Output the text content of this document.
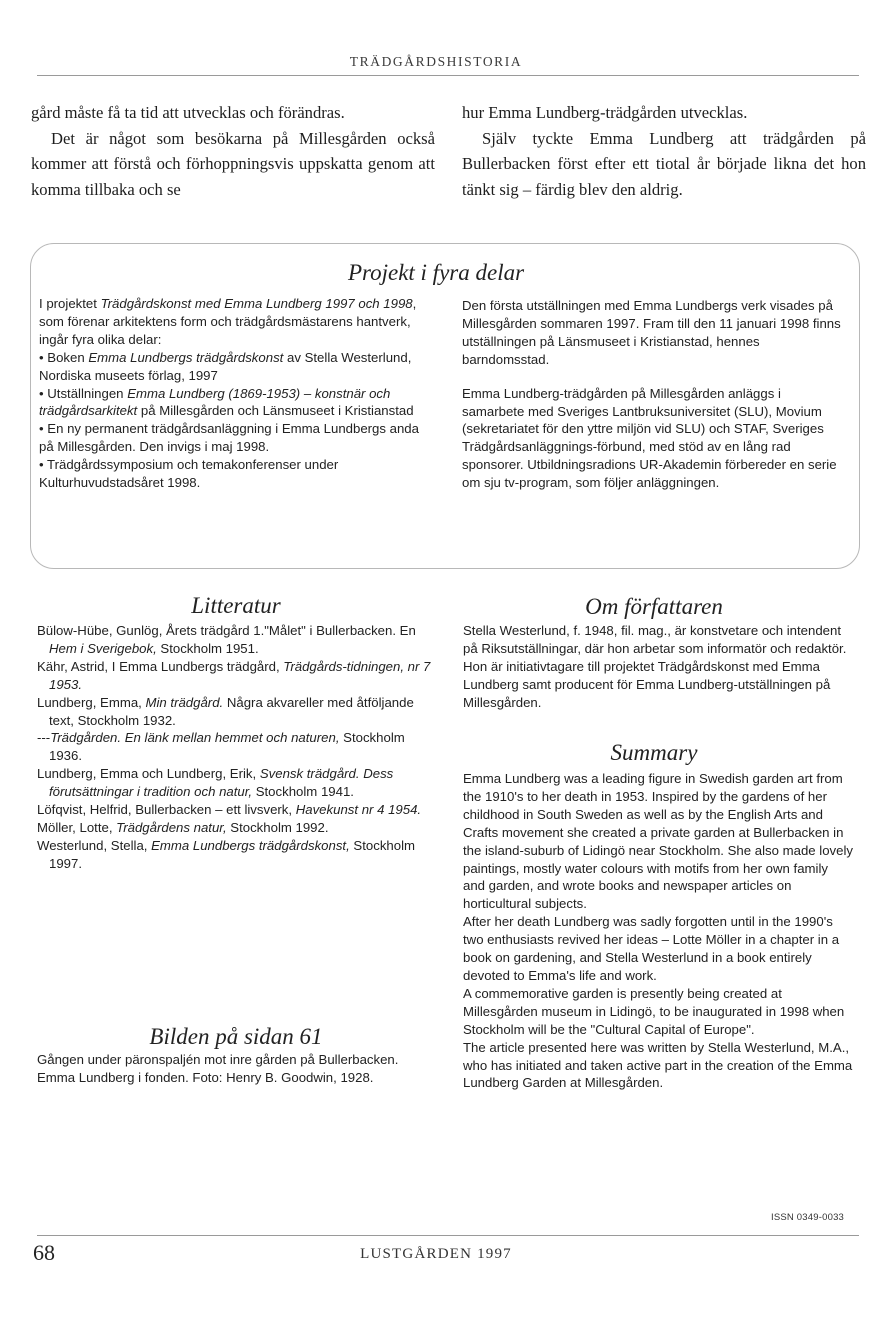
TRÄDGÅRDSHISTORIA

gård måste få ta tid att utvecklas och förändras.

Det är något som besökarna på Millesgården också kommer att förstå och förhoppningsvis uppskatta genom att komma tillbaka och se

hur Emma Lundberg-trädgården utvecklas.

Själv tyckte Emma Lundberg att trädgården på Bullerbacken först efter ett tiotal år började likna det hon tänkt sig – färdig blev den aldrig.

Projekt i fyra delar

I projektet Trädgårdskonst med Emma Lundberg 1997 och 1998, som förenar arkitektens form och trädgårdsmästarens hantverk, ingår fyra olika delar:

• Boken Emma Lundbergs trädgårdskonst av Stella Westerlund, Nordiska museets förlag, 1997

• Utställningen Emma Lundberg (1869-1953) – konstnär och trädgårdsarkitekt på Millesgården och Länsmuseet i Kristianstad

• En ny permanent trädgårdsanläggning i Emma Lundbergs anda på Millesgården. Den invigs i maj 1998.

• Trädgårdssymposium och temakonferenser under Kulturhuvudstadsåret 1998.

Den första utställningen med Emma Lundbergs verk visades på Millesgården sommaren 1997. Fram till den 11 januari 1998 finns utställningen på Länsmuseet i Kristianstad, hennes barndomsstad.

Emma Lundberg-trädgården på Millesgården anläggs i samarbete med Sveriges Lantbruksuniversitet (SLU), Movium (sekretariatet för den yttre miljön vid SLU) och STAF, Sveriges Trädgårdsanläggnings-förbund, med stöd av en lång rad sponsorer. Utbildningsradions UR-Akademin förbereder en serie om sju tv-program, som följer anläggningen.

Litteratur
Bülow-Hübe, Gunlög, Årets trädgård 1."Målet" i Bullerbacken. En Hem i Sverigebok, Stockholm 1951.
Kähr, Astrid, I Emma Lundbergs trädgård, Trädgårds-tidningen, nr 7 1953.
Lundberg, Emma, Min trädgård. Några akvareller med åtföljande text, Stockholm 1932.
---Trädgården. En länk mellan hemmet och naturen, Stockholm 1936.
Lundberg, Emma och Lundberg, Erik, Svensk trädgård. Dess förutsättningar i tradition och natur, Stockholm 1941.
Löfqvist, Helfrid, Bullerbacken – ett livsverk, Havekunst nr 4 1954.
Möller, Lotte, Trädgårdens natur, Stockholm 1992.
Westerlund, Stella, Emma Lundbergs trädgårdskonst, Stockholm 1997.
Om författaren
Stella Westerlund, f. 1948, fil. mag., är konstvetare och intendent på Riksutställningar, där hon arbetar som informatör och redaktör. Hon är initiativtagare till projektet Trädgårdskonst med Emma Lundberg samt producent för Emma Lundberg-utställningen på Millesgården.
Summary

Emma Lundberg was a leading figure in Swedish garden art from the 1910's to her death in 1953. Inspired by the gardens of her childhood in South Sweden as well as by the English Arts and Crafts movement she created a private garden at Bullerbacken in the island-suburb of Lidingö near Stockholm. She also made lovely paintings, mostly water colours with motifs from her own family and garden, and wrote books and newspaper articles on horticultural subjects.

After her death Lundberg was sadly forgotten until in the 1990's two enthusiasts revived her ideas – Lotte Möller in a chapter in a book on gardening, and Stella Westerlund in a book entirely devoted to Emma's life and work.

A commemorative garden is presently being created at Millesgården museum in Lidingö, to be inaugurated in 1998 when Stockholm will be the "Cultural Capital of Europe".

The article presented here was written by Stella Westerlund, M.A., who has initiated and taken active part in the creation of the Emma Lundberg Garden at Millesgården.

Bilden på sidan 61
Gången under päronspaljén mot inre gården på Bullerbacken. Emma Lundberg i fonden. Foto: Henry B. Goodwin, 1928.
ISSN 0349-0033
68	LUSTGÅRDEN 1997
